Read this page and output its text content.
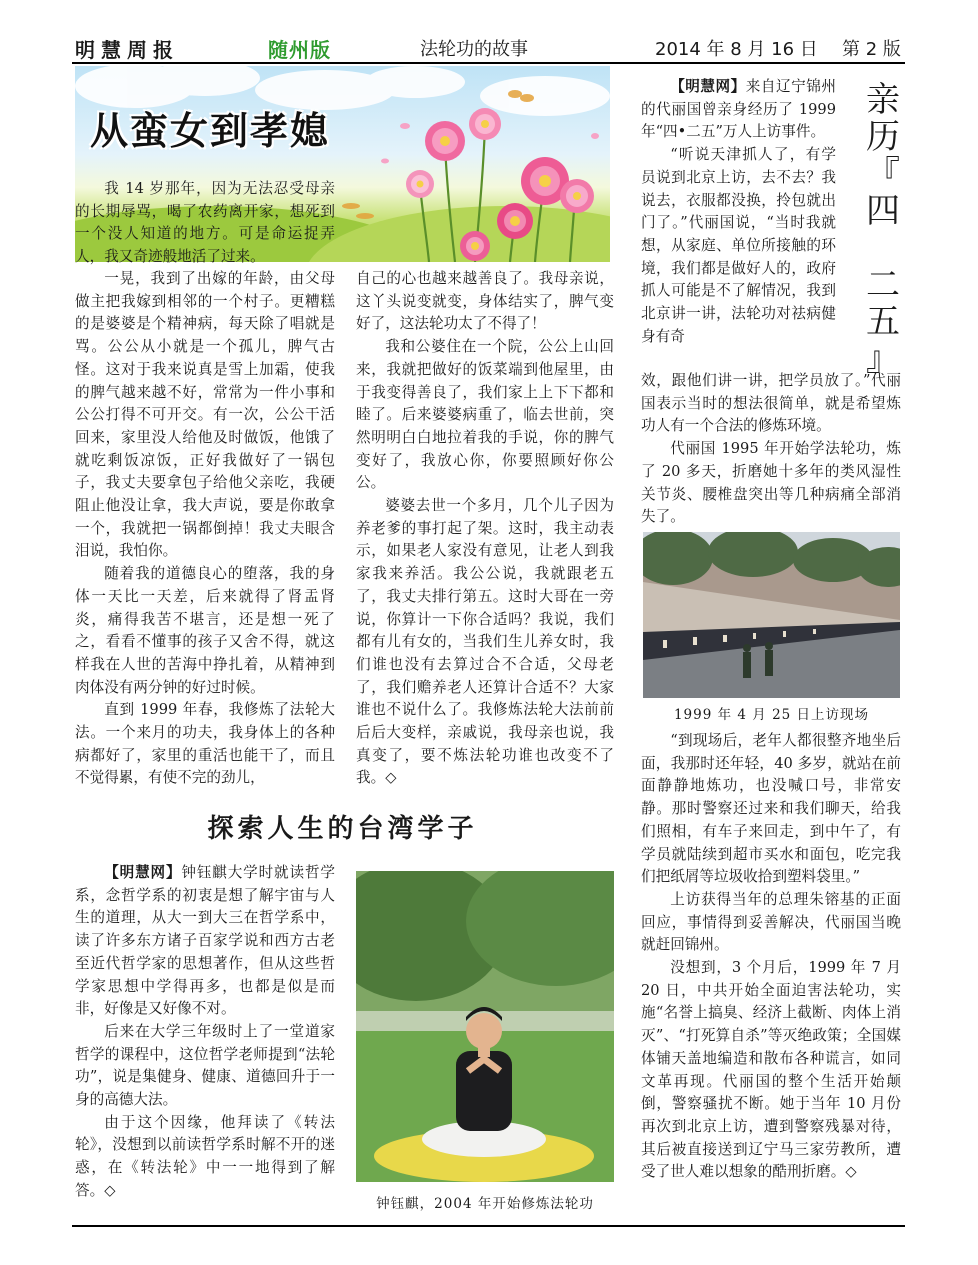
明慧周报	随州版	法轮功的故事	2014 年 8 月 16 日 第 2 版
从蛮女到孝媳

我 14 岁那年，因为无法忍受母亲的长期辱骂，喝了农药离开家，想死到一个没人知道的地方。可是命运捉弄人，我又奇迹般地活了过来。

一晃，我到了出嫁的年龄，由父母做主把我嫁到相邻的一个村子。更糟糕的是婆婆是个精神病，每天除了唱就是骂。公公从小就是一个孤儿，脾气古怪。这对于我来说真是雪上加霜，使我的脾气越来越不好，常常为一件小事和公公打得不可开交。有一次，公公干活回来，家里没人给他及时做饭，他饿了就吃剩饭凉饭，正好我做好了一锅包子，我丈夫要拿包子给他父亲吃，我硬阻止他没让拿，我大声说，要是你敢拿一个，我就把一锅都倒掉！我丈夫眼含泪说，我怕你。

随着我的道德良心的堕落，我的身体一天比一天差，后来就得了肾盂肾炎，痛得我苦不堪言，还是想一死了之，看看不懂事的孩子又舍不得，就这样我在人世的苦海中挣扎着，从精神到肉体没有两分钟的好过时候。

直到 1999 年春，我修炼了法轮大法。一个来月的功夫，我身体上的各种病都好了，家里的重活也能干了，而且不觉得累，有使不完的劲儿，

自己的心也越来越善良了。我母亲说，这丫头说变就变，身体结实了，脾气变好了，这法轮功太了不得了！

我和公婆住在一个院，公公上山回来，我就把做好的饭菜端到他屋里，由于我变得善良了，我们家上上下下都和睦了。后来婆婆病重了，临去世前，突然明明白白地拉着我的手说，你的脾气变好了，我放心你，你要照顾好你公公。

婆婆去世一个多月，几个儿子因为养老爹的事打起了架。这时，我主动表示，如果老人家没有意见，让老人到我家我来养活。我公公说，我就跟老五了，我丈夫排行第五。这时大哥在一旁说，你算计一下你合适吗？我说，我们都有儿有女的，当我们生儿养女时，我们谁也没有去算过合不合适，父母老了，我们赡养老人还算计合适不？大家谁也不说什么了。我修炼法轮大法前前后后大变样，亲戚说，我母亲也说，我真变了，要不炼法轮功谁也改变不了我。◇

亲
历
『
四
二
五
』

【明慧网】来自辽宁锦州的代丽国曾亲身经历了 1999 年“四•二五”万人上访事件。

“听说天津抓人了，有学员说到北京上访，去不去？我说去，衣服都没换，拎包就出门了。”代丽国说，“当时我就想，从家庭、单位所接触的环境，我们都是做好人的，政府抓人可能是不了解情况，我到北京讲一讲，法轮功对祛病健身有奇

效，跟他们讲一讲，把学员放了。”代丽国表示当时的想法很简单，就是希望炼功人有一个合法的修炼环境。

代丽国 1995 年开始学法轮功，炼了 20 多天，折磨她十多年的类风湿性关节炎、腰椎盘突出等几种病痛全部消失了。

1999 年 4 月 25 日上访现场

“到现场后，老年人都很整齐地坐后面，我那时还年轻，40 多岁，就站在前面静静地炼功，也没喊口号，非常安静。那时警察还过来和我们聊天，给我们照相，有车子来回走，到中午了，有学员就陆续到超市买水和面包，吃完我们把纸屑等垃圾收拾到塑料袋里。”

上访获得当年的总理朱镕基的正面回应，事情得到妥善解决，代丽国当晚就赶回锦州。

没想到，3 个月后，1999 年 7 月 20 日，中共开始全面迫害法轮功，实施“名誉上搞臭、经济上截断、肉体上消灭”、“打死算自杀”等灭绝政策；全国媒体铺天盖地编造和散布各种谎言，如同文革再现。代丽国的整个生活开始颠倒，警察骚扰不断。她于当年 10 月份再次到北京上访，遭到警察残暴对待，其后被直接送到辽宁马三家劳教所，遭受了世人难以想象的酷刑折磨。◇

探索人生的台湾学子

【明慧网】钟钰麒大学时就读哲学系，念哲学系的初衷是想了解宇宙与人生的道理，从大一到大三在哲学系中，读了许多东方诸子百家学说和西方古老至近代哲学家的思想著作，但从这些哲学家思想中学得再多，也都是似是而非，好像是又好像不对。

后来在大学三年级时上了一堂道家哲学的课程中，这位哲学老师提到“法轮功”，说是集健身、健康、道德回升于一身的高德大法。

由于这个因缘，他拜读了《转法轮》，没想到以前读哲学系时解不开的迷惑，在《转法轮》中一一地得到了解答。◇

钟钰麒，2004 年开始修炼法轮功
